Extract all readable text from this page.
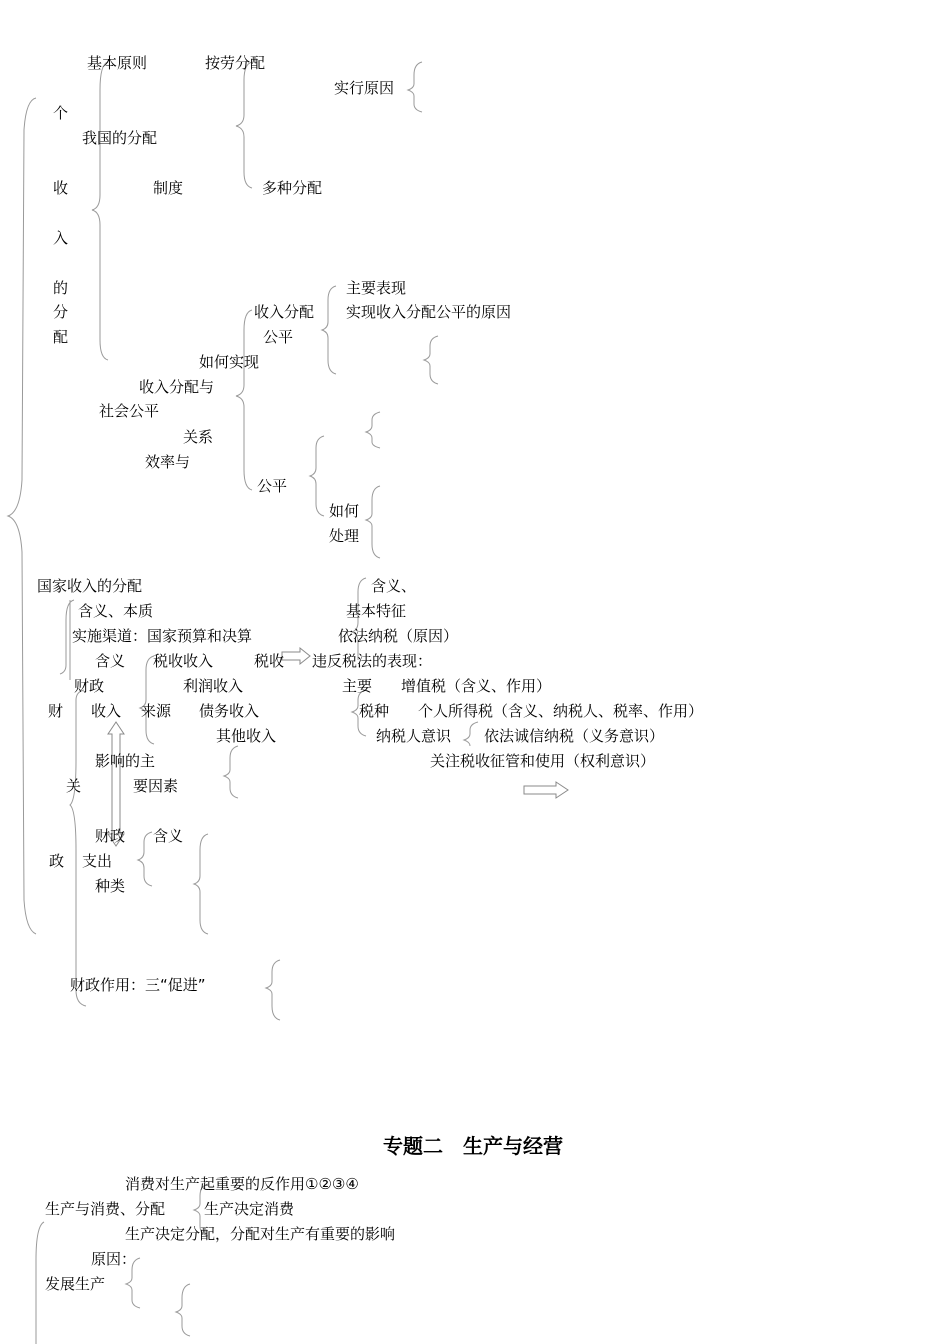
基本原则	按劳分配
实行原因
个
我国的分配
收	制度	多种分配
入
的	主要表现
分	收入分配 实现收入分配公平的原因
配	公平
如何实现
收入分配与
社会公平
关系
效率与
公平
如何
处理
国家收入的分配	含义、
含义、本质	基本特征
实施渠道：国家预算和决算	依法纳税（原因）
含义 税收收入	税收 违反税法的表现：
财政	利润收入	主要 增值税（含义、作用）
财 收入 来源 债务收入	税种 个人所得税（含义、纳税人、税率、作用）
其他收入	纳税人意识 依法诚信纳税（义务意识）
影响的主	关注税收征管和使用（权利意识）
关	要因素
财政 含义
政 支出
种类
财政作用：三“促进”
专题二　生产与经营
消费对生产起重要的反作用①②③④
生产与消费、分配	生产决定消费
生产决定分配，分配对生产有重要的影响
原因：
发展生产
